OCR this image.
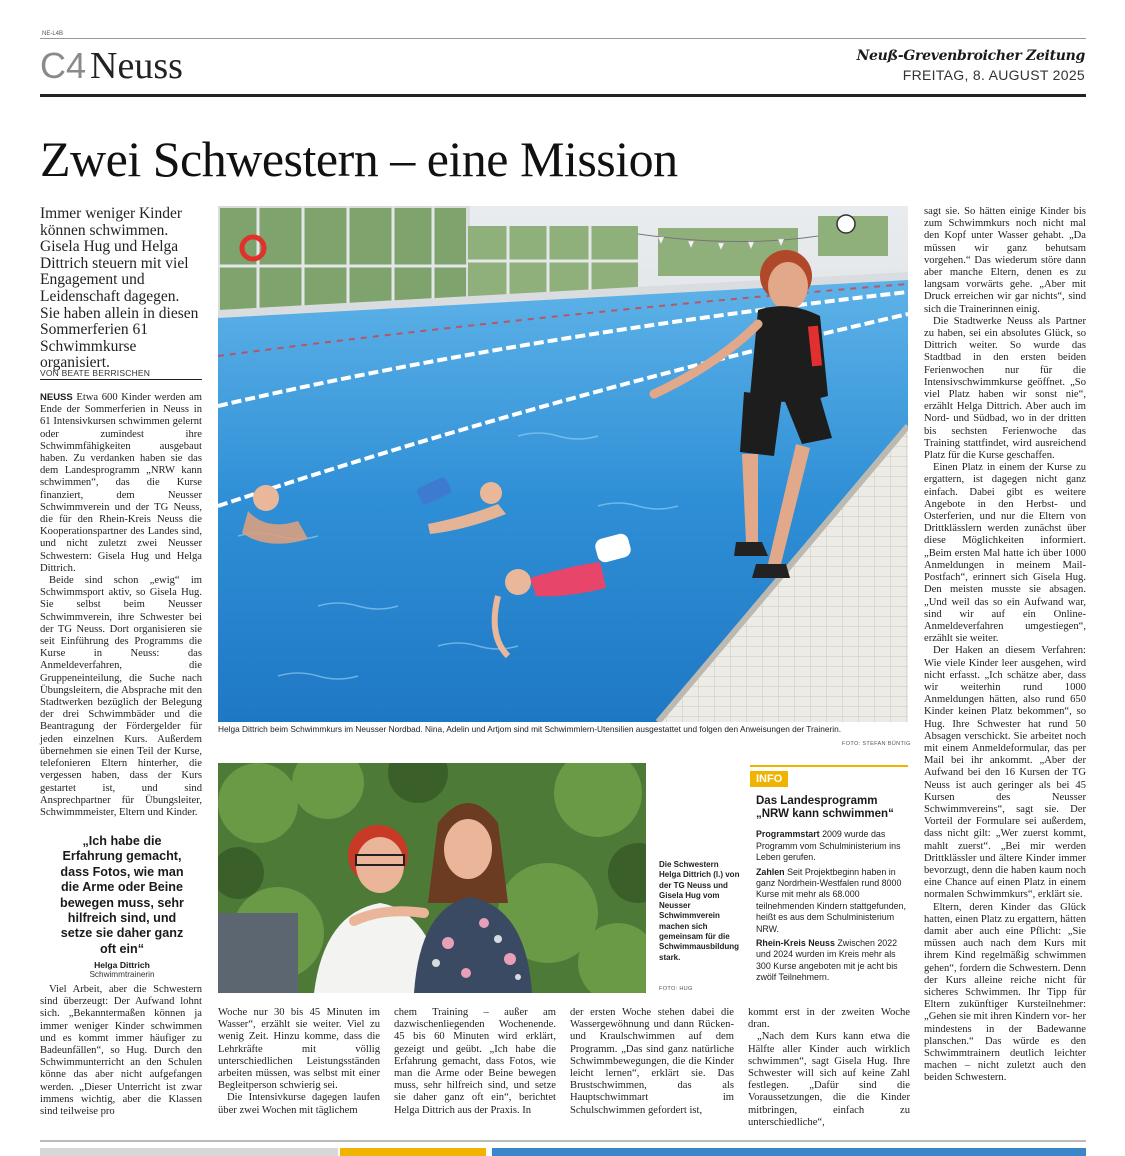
NE-L4B
C4 Neuss	Neuß-Grevenbroicher Zeitung
FREITAG, 8. AUGUST 2025
Zwei Schwestern – eine Mission
Immer weniger Kinder können schwimmen. Gisela Hug und Helga Dittrich steuern mit viel Engagement und Leidenschaft dagegen. Sie haben allein in diesen Sommerferien 61 Schwimmkurse organisiert.
VON BEATE BERRISCHEN

NEUSS Etwa 600 Kinder werden am Ende der Sommerferien in Neuss in 61 Intensivkursen schwimmen gelernt oder zumindest ihre Schwimmfähigkeiten ausgebaut haben. Zu verdanken haben sie das dem Landesprogramm „NRW kann schwimmen“, das die Kurse finanziert, dem Neusser Schwimmverein und der TG Neuss, die für den Rhein-Kreis Neuss die Kooperationspartner des Landes sind, und nicht zuletzt zwei Neusser Schwestern: Gisela Hug und Helga Dittrich.

Beide sind schon „ewig“ im Schwimmsport aktiv, so Gisela Hug. Sie selbst beim Neusser Schwimmverein, ihre Schwester bei der TG Neuss. Dort organisieren sie seit Einführung des Programms die Kurse in Neuss: das Anmeldeverfahren, die Gruppeneinteilung, die Suche nach Übungsleitern, die Absprache mit den Stadtwerken bezüglich der Belegung der drei Schwimmbäder und die Beantragung der Fördergelder für jeden einzelnen Kurs. Außerdem übernehmen sie einen Teil der Kurse, telefonieren Eltern hinterher, die vergessen haben, dass der Kurs gestartet ist, und sind Ansprechpartner für Übungsleiter, Schwimmmeister, Eltern und Kinder.

„Ich habe die Erfahrung gemacht, dass Fotos, wie man die Arme oder Beine bewegen muss, sehr hilfreich sind, und setze sie daher ganz oft ein“
Helga Dittrich
Schwimmtrainerin

Viel Arbeit, aber die Schwestern sind überzeugt: Der Aufwand lohnt sich. „Bekanntermaßen können ja immer weniger Kinder schwimmen und es kommt immer häufiger zu Badeunfällen“, so Hug. Durch den Schwimmunterricht an den Schulen könne das aber nicht aufgefangen werden. „Dieser Unterricht ist zwar immens wichtig, aber die Klassen sind teilweise pro

Helga Dittrich beim Schwimmkurs im Neusser Nordbad. Nina, Adelin und Artjom sind mit Schwimmlern-Utensilien ausgestattet und folgen den Anweisungen der Trainerin.
FOTO: STEFAN BÜNTIG
Die Schwestern Helga Dittrich (l.) von der TG Neuss und Gisela Hug vom Neusser Schwimmverein machen sich gemeinsam für die Schwimmausbildung stark.
FOTO: HUG
INFO
Das Landesprogramm „NRW kann schwimmen“

Programmstart 2009 wurde das Programm vom Schulministerium ins Leben gerufen.

Zahlen Seit Projektbeginn haben in ganz Nordrhein-Westfalen rund 8000 Kurse mit mehr als 68.000 teilnehmenden Kindern stattgefunden, heißt es aus dem Schulministerium NRW.

Rhein-Kreis Neuss Zwischen 2022 und 2024 wurden im Kreis mehr als 300 Kurse angeboten mit je acht bis zwölf Teilnehmern.

Woche nur 30 bis 45 Minuten im Wasser“, erzählt sie weiter. Viel zu wenig Zeit. Hinzu komme, dass die Lehrkräfte mit völlig unterschiedlichen Leistungsständen arbeiten müssen, was selbst mit einer Begleitperson schwierig sei.

Die Intensivkurse dagegen laufen über zwei Wochen mit täglichem

chem Training – außer am dazwischenliegenden Wochenende. 45 bis 60 Minuten wird erklärt, gezeigt und geübt. „Ich habe die Erfahrung gemacht, dass Fotos, wie man die Arme oder Beine bewegen muss, sehr hilfreich sind, und setze sie daher ganz oft ein“, berichtet Helga Dittrich aus der Praxis. In

der ersten Woche stehen dabei die Wassergewöhnung und dann Rücken- und Kraulschwimmen auf dem Programm. „Das sind ganz natürliche Schwimmbewegungen, die die Kinder leicht lernen“, erklärt sie. Das Brustschwimmen, das als Hauptschwimmart im Schulschwimmen gefordert ist,

kommt erst in der zweiten Woche dran.

„Nach dem Kurs kann etwa die Hälfte aller Kinder auch wirklich schwimmen“, sagt Gisela Hug. Ihre Schwester will sich auf keine Zahl festlegen. „Dafür sind die Voraussetzungen, die die Kinder mitbringen, einfach zu unterschiedliche“,

sagt sie. So hätten einige Kinder bis zum Schwimmkurs noch nicht mal den Kopf unter Wasser gehabt. „Da müssen wir ganz behutsam vorgehen.“ Das wiederum störe dann aber manche Eltern, denen es zu langsam vorwärts gehe. „Aber mit Druck erreichen wir gar nichts“, sind sich die Trainerinnen einig.

Die Stadtwerke Neuss als Partner zu haben, sei ein absolutes Glück, so Dittrich weiter. So wurde das Stadtbad in den ersten beiden Ferienwochen nur für die Intensivschwimmkurse geöffnet. „So viel Platz haben wir sonst nie“, erzählt Helga Dittrich. Aber auch im Nord- und Südbad, wo in der dritten bis sechsten Ferienwoche das Training stattfindet, wird ausreichend Platz für die Kurse geschaffen.

Einen Platz in einem der Kurse zu ergattern, ist dagegen nicht ganz einfach. Dabei gibt es weitere Angebote in den Herbst- und Osterferien, und nur die Eltern von Drittklässlern werden zunächst über diese Möglichkeiten informiert. „Beim ersten Mal hatte ich über 1000 Anmeldungen in meinem Mail-Postfach“, erinnert sich Gisela Hug. Den meisten musste sie absagen. „Und weil das so ein Aufwand war, sind wir auf ein Online-Anmeldeverfahren umgestiegen“, erzählt sie weiter.

Der Haken an diesem Verfahren: Wie viele Kinder leer ausgehen, wird nicht erfasst. „Ich schätze aber, dass wir weiterhin rund 1000 Anmeldungen hätten, also rund 650 Kinder keinen Platz bekommen“, so Hug. Ihre Schwester hat rund 50 Absagen verschickt. Sie arbeitet noch mit einem Anmeldeformular, das per Mail bei ihr ankommt. „Aber der Aufwand bei den 16 Kursen der TG Neuss ist auch geringer als bei 45 Kursen des Neusser Schwimmvereins“, sagt sie. Der Vorteil der Formulare sei außerdem, dass nicht gilt: „Wer zuerst kommt, mahlt zuerst“. „Bei mir werden Drittklässler und ältere Kinder immer bevorzugt, denn die haben kaum noch eine Chance auf einen Platz in einem normalen Schwimmkurs“, erklärt sie.

Eltern, deren Kinder das Glück hatten, einen Platz zu ergattern, hätten damit aber auch eine Pflicht: „Sie müssen auch nach dem Kurs mit ihrem Kind regelmäßig schwimmen gehen“, fordern die Schwestern. Denn der Kurs alleine reiche nicht für sicheres Schwimmen. Ihr Tipp für Eltern zukünftiger Kursteilnehmer: „Gehen sie mit ihren Kindern vor- her mindestens in der Badewanne planschen.“ Das würde es den Schwimmtrainern deutlich leichter machen – nicht zuletzt auch den beiden Schwestern.
